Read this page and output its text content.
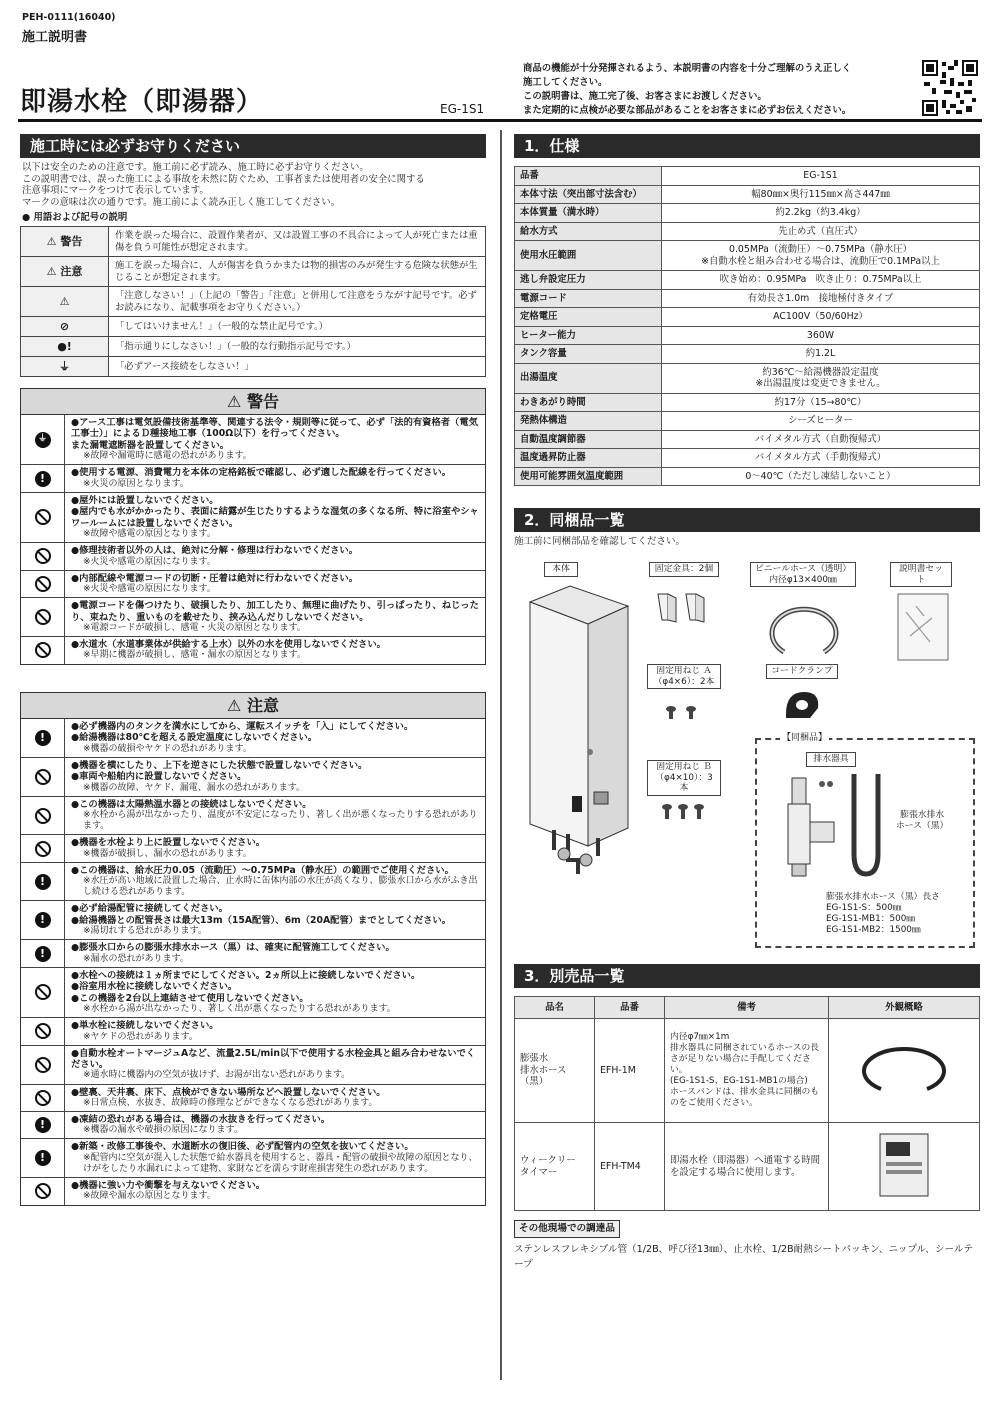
PEH-0111(16040)
施工説明書
即湯水栓（即湯器）	EG-1S1
商品の機能が十分発揮されるよう、本説明書の内容を十分ご理解のうえ正しく
施工してください。
この説明書は、施工完了後、お客さまにお渡しください。
また定期的に点検が必要な部品があることをお客さまに必ずお伝えください。
施工時には必ずお守りください
以下は安全のための注意です。施工前に必ず読み、施工時に必ずお守りください。
この説明書では、誤った施工による事故を未然に防ぐため、工事者または使用者の安全に関する
注意事項にマークをつけて表示しています。
マークの意味は次の通りです。施工前によく読み正しく施工してください。
● 用語および記号の説明
⚠ 警告	作業を誤った場合に、設置作業者が、又は設置工事の不具合によって人が死亡または重傷を負う可能性が想定されます。
⚠ 注意	施工を誤った場合に、人が傷害を負うかまたは物的損害のみが発生する危険な状態が生じることが想定されます。
⚠	「注意しなさい！」（上記の「警告」「注意」と併用して注意をうながす記号です。必ずお読みになり、記載事項をお守りください。）
⊘	「してはいけません！」（一般的な禁止記号です。）
●!	「指示通りにしなさい！」（一般的な行動指示記号です。）
⏚	「必ずアース接続をしなさい！」
⚠ 警告
⏚
●アース工事は電気設備技術基準等、関連する法令・規則等に従って、必ず「法的有資格者（電気工事士）」によるＤ種接地工事（100Ω以下）を行ってください。
また漏電遮断器を設置してください。
※故障や漏電時に感電の恐れがあります。
!	●使用する電源、消費電力を本体の定格銘板で確認し、必ず適した配線を行ってください。
※火災の原因となります。
●屋外には設置しないでください。
●屋内でも水がかかったり、表面に結露が生じたりするような湿気の多くなる所、特に浴室やシャワールームには設置しないでください。
※故障や感電の原因となります。
●修理技術者以外の人は、絶対に分解・修理は行わないでください。
※火災や感電の原因になります。
●内部配線や電源コードの切断・圧着は絶対に行わないでください。
※火災や感電の原因になります。
●電源コードを傷つけたり、破損したり、加工したり、無理に曲げたり、引っぱったり、ねじったり、束ねたり、重いものを載せたり、挟み込んだりしないでください。
※電源コードが破損し、感電・火災の原因となります。
●水道水（水道事業体が供給する上水）以外の水を使用しないでください。
※早期に機器が破損し、感電・漏水の原因となります。
⚠ 注意
!
●必ず機器内のタンクを満水にしてから、運転スイッチを「入」にしてください。
●給湯機器は80℃を超える設定温度にしないでください。
※機器の破損やヤケドの恐れがあります。
●機器を横にしたり、上下を逆さにした状態で設置しないでください。
●車両や船舶内に設置しないでください。
※機器の故障、ヤケド、漏電、漏水の恐れがあります。
●この機器は太陽熱温水器との接続はしないでください。
※水栓から湯が出なかったり、温度が不安定になったり、著しく出が悪くなったりする恐れがあります。
●機器を水栓より上に設置しないでください。
※機器が破損し、漏水の恐れがあります。
!
●この機器は、給水圧力0.05（流動圧）〜0.75MPa（静水圧）の範囲でご使用ください。
※水圧が高い地域に設置した場合、止水時に缶体内部の水圧が高くなり、膨張水口から水がふき出し続ける恐れがあります。
!
●必ず給湯配管に接続してください。
●給湯機器との配管長さは最大13m（15A配管）、6m（20A配管）までとしてください。
※湯切れする恐れがあります。
!	●膨張水口からの膨張水排水ホース（黒）は、確実に配管施工してください。
※漏水の恐れがあります。
●水栓への接続は１ヵ所までにしてください。2ヵ所以上に接続しないでください。
●浴室用水栓に接続しないでください。
●この機器を2台以上連結させて使用しないでください。
※水栓から湯が出なかったり、著しく出が悪くなったりする恐れがあります。
●単水栓に接続しないでください。
※ヤケドの恐れがあります。
●自動水栓オートマージュAなど、流量2.5L/min以下で使用する水栓金具と組み合わせないでください。
※通水時に機器内の空気が抜けず、お湯が出ない恐れがあります。
●壁裏、天井裏、床下、点検ができない場所などへ設置しないでください。
※日常点検、水抜き、故障時の修理などができなくなる恐れがあります。
!	●凍結の恐れがある場合は、機器の水抜きを行ってください。
※機器の漏水や破損の原因になります。
!
●新築・改修工事後や、水道断水の復旧後、必ず配管内の空気を抜いてください。
※配管内に空気が混入した状態で給水器具を使用すると、器具・配管の破損や故障の原因となり、けがをしたり水漏れによって建物、家財などを濡らす財産損害発生の恐れがあります。
●機器に強い力や衝撃を与えないでください。
※故障や漏水の原因となります。
1．仕様
品番	EG-1S1
本体寸法（突出部寸法含む）	幅80㎜×奥行115㎜×高さ447㎜
本体質量（満水時）	約2.2kg（約3.4kg）
給水方式	先止め式（直圧式）
使用水圧範囲	0.05MPa（流動圧）〜0.75MPa（静水圧）
※自動水栓と組み合わせる場合は、流動圧で0.1MPa以上
逃し弁設定圧力	吹き始め：0.95MPa　吹き止り：0.75MPa以上
電源コード	有効長さ1.0m　接地極付きタイプ
定格電圧	AC100V（50/60Hz）
ヒーター能力	360W
タンク容量	約1.2L
出湯温度	約36℃〜給湯機器設定温度
※出湯温度は変更できません。
わきあがり時間	約17分（15→80℃）
発熱体構造	シーズヒーター
自動温度調節器	バイメタル方式（自動復帰式）
温度過昇防止器	バイメタル方式（手動復帰式）
使用可能雰囲気温度範囲	0〜40℃（ただし凍結しないこと）
2．同梱品一覧
施工前に同梱部品を確認してください。
本体	固定金具：2個	ビニールホース（透明）
内径φ13×400㎜
説明書セット
固定用ねじ Ａ
（φ4×6）：2本
コードクランプ
固定用ねじ Ｂ
（φ4×10）：3本
【同梱品】
排水器具
膨張水排水
ホース（黒）
膨張水排水ホース（黒）長さ
EG-1S1-S：500㎜
EG-1S1-MB1：500㎜
EG-1S1-MB2：1500㎜
3．別売品一覧
品名	品番	備考	外観概略
膨張水
排水ホース
（黒）	EFH-1M	内径φ7㎜×1m
排水器具に同梱されているホースの長さが足りない場合に手配してください。
(EG-1S1-S、EG-1S1-MB1の場合)
ホースバンドは、排水金具に同梱のものをご使用ください。	
ウィークリー
タイマー	EFH-TM4	即湯水栓（即湯器）へ通電する時間を設定する場合に使用します。	
その他現場での調達品
ステンレスフレキシブル管（1/2B、呼び径13㎜）、止水栓、1/2B耐熱シートパッキン、ニップル、シールテープ
